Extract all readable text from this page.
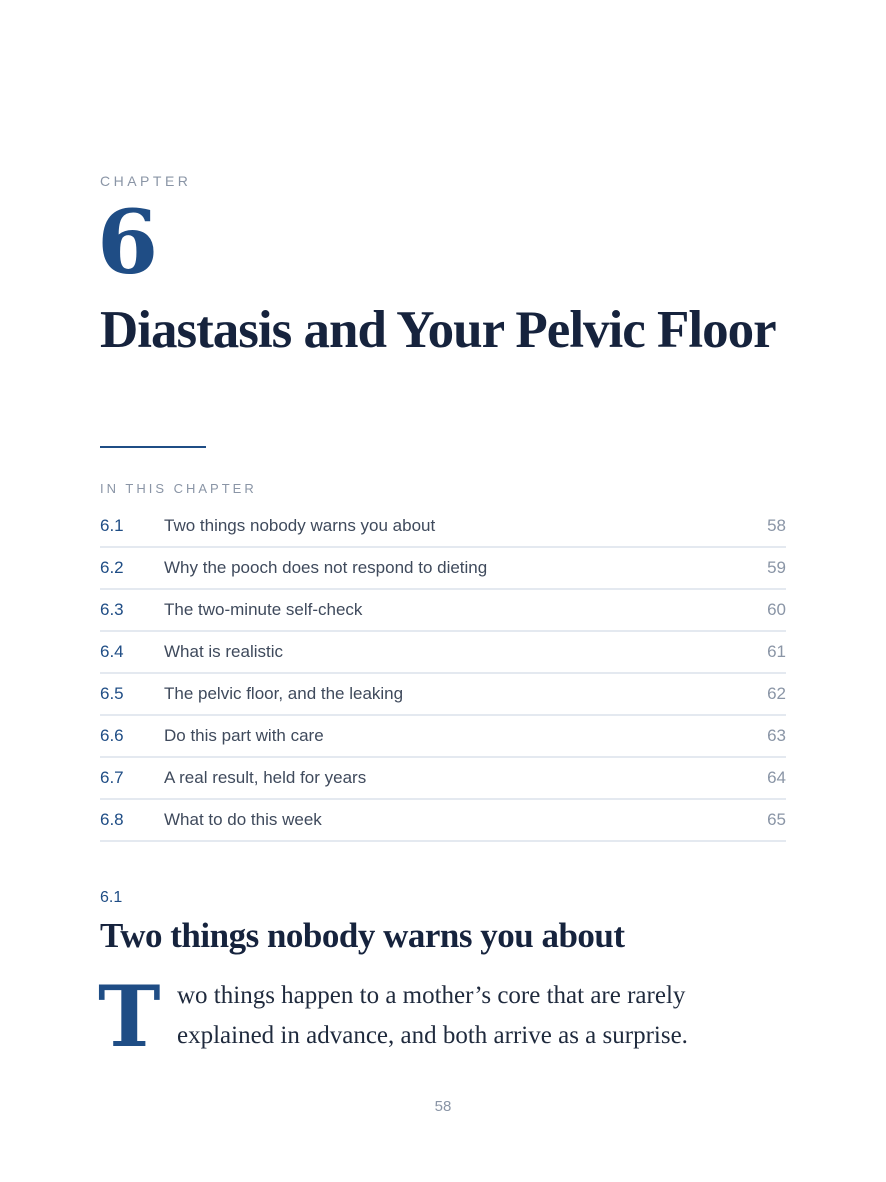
CHAPTER
6
Diastasis and Your Pelvic Floor
IN THIS CHAPTER
6.1 Two things nobody warns you about	58
6.2 Why the pooch does not respond to dieting	59
6.3 The two-minute self-check	60
6.4 What is realistic	61
6.5 The pelvic floor, and the leaking	62
6.6 Do this part with care	63
6.7 A real result, held for years	64
6.8 What to do this week	65
6.1
Two things nobody warns you about
T wo things happen to a mother’s core that are rarely explained in advance, and both arrive as a surprise.

58
